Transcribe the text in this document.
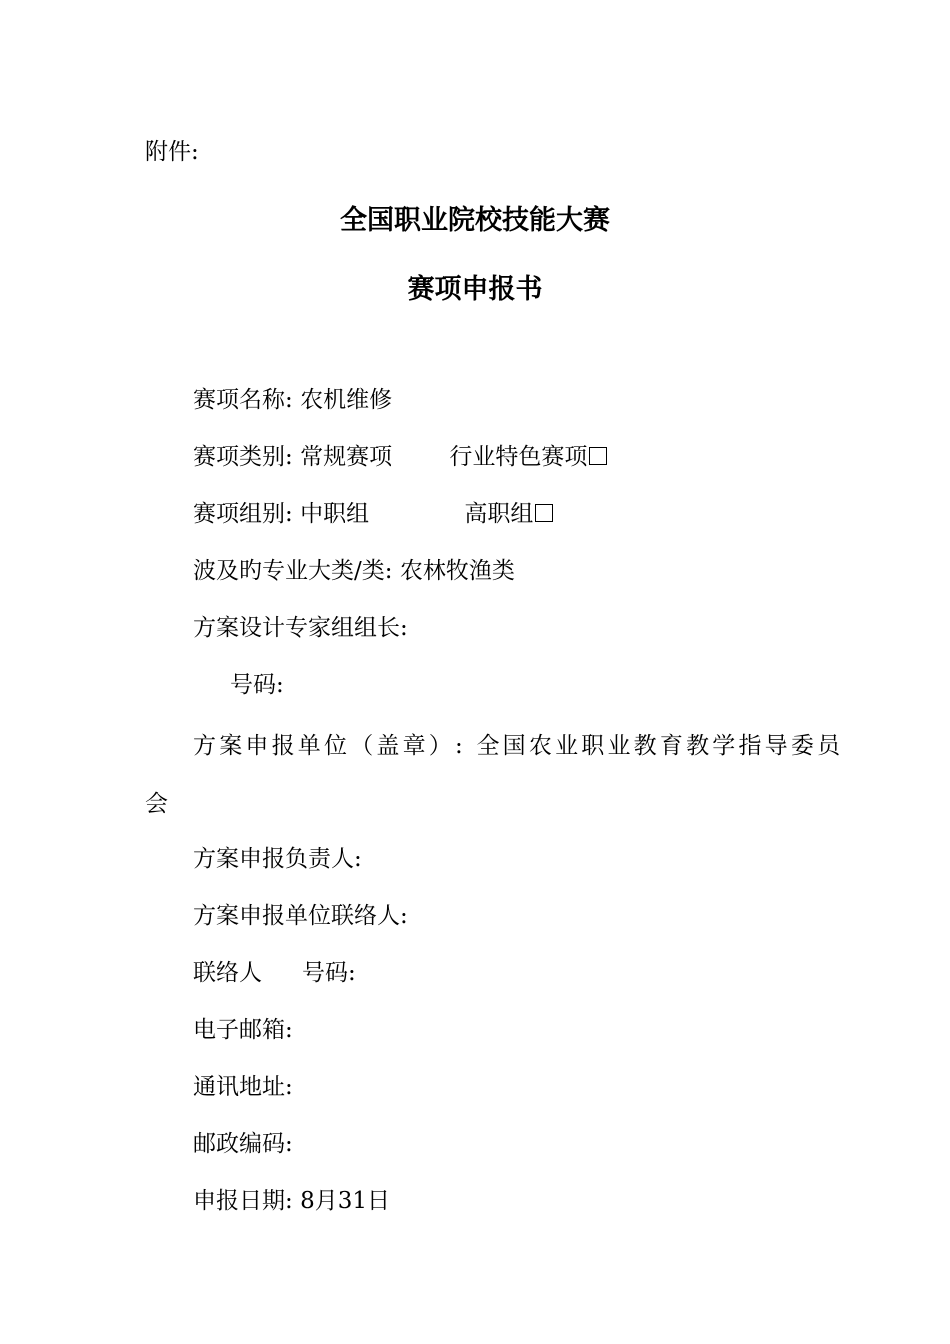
附件:
全国职业院校技能大赛
赛项申报书
赛项名称: 农机维修
赛项类别: 常规赛项 行业特色赛项
赛项组别: 中职组	高职组
波及旳专业大类/类: 农林牧渔类
方案设计专家组组长:
号码:
方案申报单位（盖章）: 全国农业职业教育教学指导委员
会
方案申报负责人:
方案申报单位联络人:
联络人 号码:
电子邮箱:
通讯地址:
邮政编码:
申报日期: 8月31日
